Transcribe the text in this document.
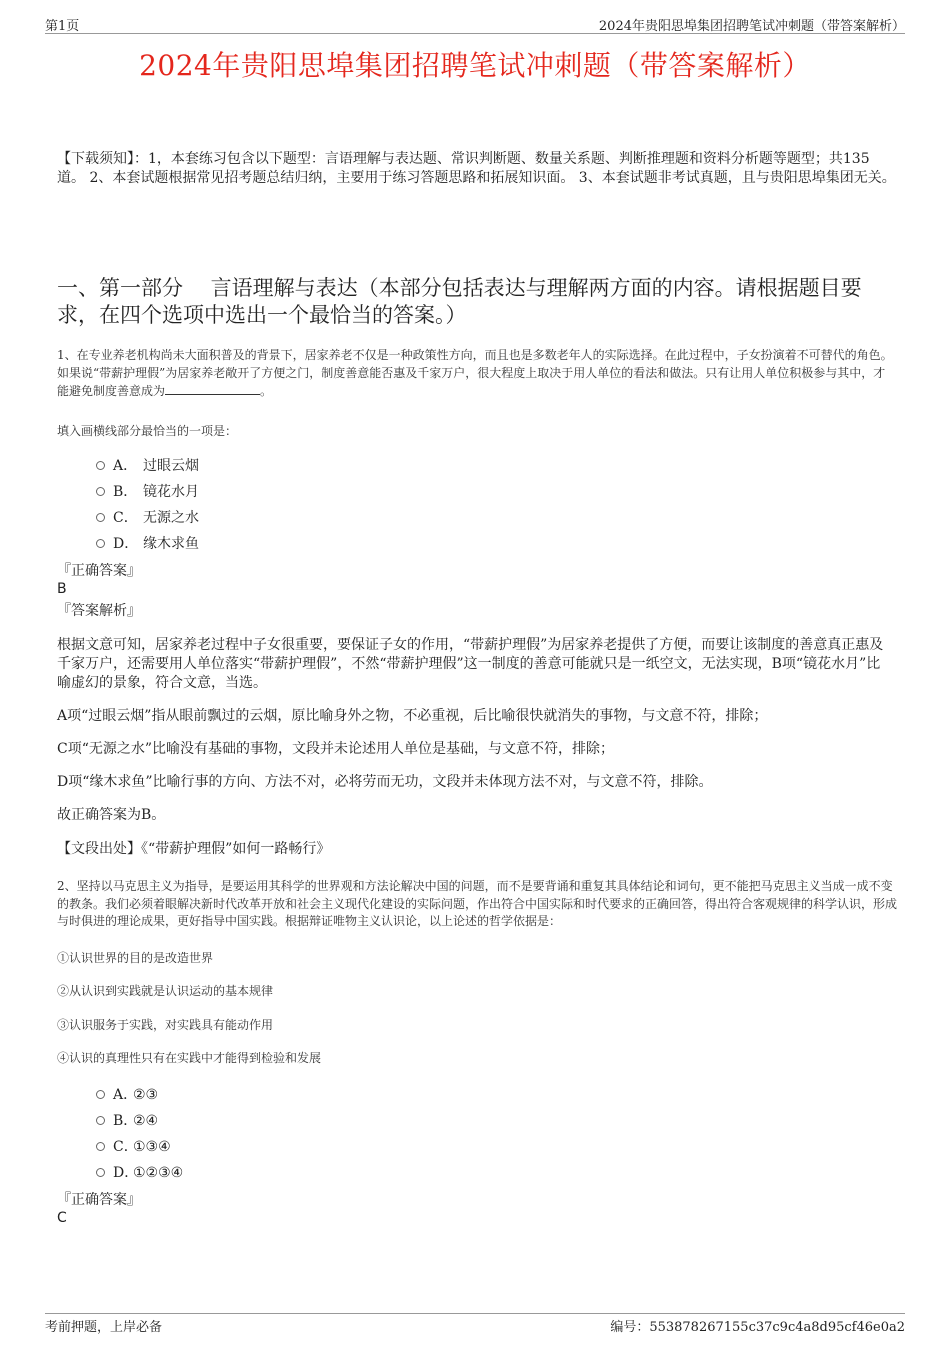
第1页	2024年贵阳思埠集团招聘笔试冲刺题（带答案解析）
2024年贵阳思埠集团招聘笔试冲刺题（带答案解析）
【下载须知】：1，本套练习包含以下题型：言语理解与表达题、常识判断题、数量关系题、判断推理题和资料分析题等题型；共135道。 2、本套试题根据常见招考题总结归纳，主要用于练习答题思路和拓展知识面。 3、本套试题非考试真题，且与贵阳思埠集团无关。
一、第一部分　 言语理解与表达（本部分包括表达与理解两方面的内容。请根据题目要求，在四个选项中选出一个最恰当的答案。）
1、在专业养老机构尚未大面积普及的背景下，居家养老不仅是一种政策性方向，而且也是多数老年人的实际选择。在此过程中，子女扮演着不可替代的角色。如果说“带薪护理假”为居家养老敞开了方便之门，制度善意能否惠及千家万户，很大程度上取决于用人单位的看法和做法。只有让用人单位积极参与其中，才能避免制度善意成为	。
填入画横线部分最恰当的一项是：
A． 过眼云烟
B． 镜花水月
C． 无源之水
D． 缘木求鱼
『正确答案』
B
『答案解析』
根据文意可知，居家养老过程中子女很重要，要保证子女的作用，“带薪护理假”为居家养老提供了方便，而要让该制度的善意真正惠及千家万户，还需要用人单位落实“带薪护理假”，不然“带薪护理假”这一制度的善意可能就只是一纸空文，无法实现，B项“镜花水月”比喻虚幻的景象，符合文意，当选。
A项“过眼云烟”指从眼前飘过的云烟，原比喻身外之物，不必重视，后比喻很快就消失的事物，与文意不符，排除；
C项“无源之水”比喻没有基础的事物，文段并未论述用人单位是基础，与文意不符，排除；
D项“缘木求鱼”比喻行事的方向、方法不对，必将劳而无功，文段并未体现方法不对，与文意不符，排除。
故正确答案为B。
【文段出处】《“带薪护理假”如何一路畅行》
2、坚持以马克思主义为指导，是要运用其科学的世界观和方法论解决中国的问题，而不是要背诵和重复其具体结论和词句，更不能把马克思主义当成一成不变的教条。我们必须着眼解决新时代改革开放和社会主义现代化建设的实际问题，作出符合中国实际和时代要求的正确回答，得出符合客观规律的科学认识，形成与时俱进的理论成果，更好指导中国实践。根据辩证唯物主义认识论，以上论述的哲学依据是：
①认识世界的目的是改造世界
②从认识到实践就是认识运动的基本规律
③认识服务于实践，对实践具有能动作用
④认识的真理性只有在实践中才能得到检验和发展
A．②③
B．②④
C．①③④
D．①②③④
『正确答案』
C
考前押题，上岸必备	编号：553878267155c37c9c4a8d95cf46e0a2
